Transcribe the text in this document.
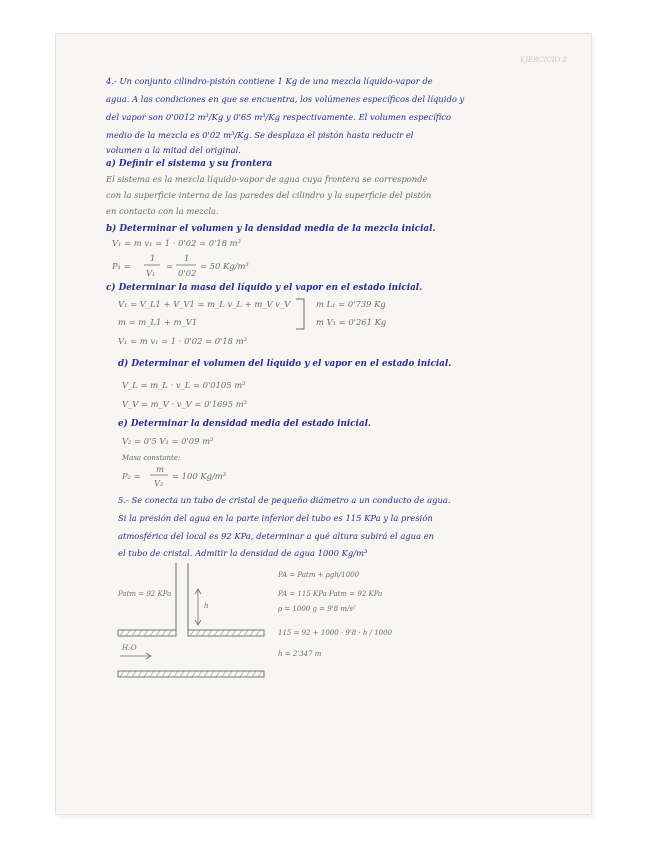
EJERCICIO 2
4.- Un conjunto cilindro-pistón contiene 1 Kg de una mezcla líquido-vapor de
agua. A las condiciones en que se encuentra, los volúmenes específicos del líquido y
del vapor son 0'0012 m³/Kg y 0'65 m³/Kg respectivamente. El volumen específico
medio de la mezcla es 0'02 m³/Kg. Se desplaza el pistón hasta reducir el
volumen a la mitad del original.
a) Definir el sistema y su frontera
El sistema es la mezcla líquido-vapor de agua cuya frontera se corresponde
con la superficie interna de las paredes del cilindro y la superficie del pistón
en contacto con la mezcla.
b) Determinar el volumen y la densidad media de la mezcla inicial.
V₁ = m v₁ = 1 · 0'02 = 0'18 m³
P₁ =
1
V₁
=
1
0'02
= 50 Kg/m³
c) Determinar la masa del líquido y el vapor en el estado inicial.
V₁ = V_L1 + V_V1 = m_L v_L + m_V v_V
m = m_L1 + m_V1
V₁ = m v₁ = 1 · 0'02 = 0'18 m³
m L₁ = 0'739 Kg
m V₁ = 0'261 Kg
d) Determinar el volumen del líquido y el vapor en el estado inicial.
V_L = m_L · v_L = 0'0105 m³
V_V = m_V · v_V = 0'1695 m³
e) Determinar la densidad media del estado inicial.
V₂ = 0'5 V₁ = 0'09 m³
Masa constante:
P₂ =
m
V₂
= 100 Kg/m³
5.- Se conecta un tubo de cristal de pequeño diámetro a un conducto de agua.
Si la presión del agua en la parte inferior del tubo es 115 KPa y la presión
atmosférica del local es 92 KPa, determinar a qué altura subirá el agua en
el tubo de cristal. Admitir la densidad de agua 1000 Kg/m³
Patm = 92 KPa
h
H₂O
PA = Patm + ρgh/1000
PA = 115 KPa Patm = 92 KPa
ρ = 1000 g = 9'8 m/s²
115 = 92 + 1000 · 9'8 · h / 1000
h = 2'347 m
